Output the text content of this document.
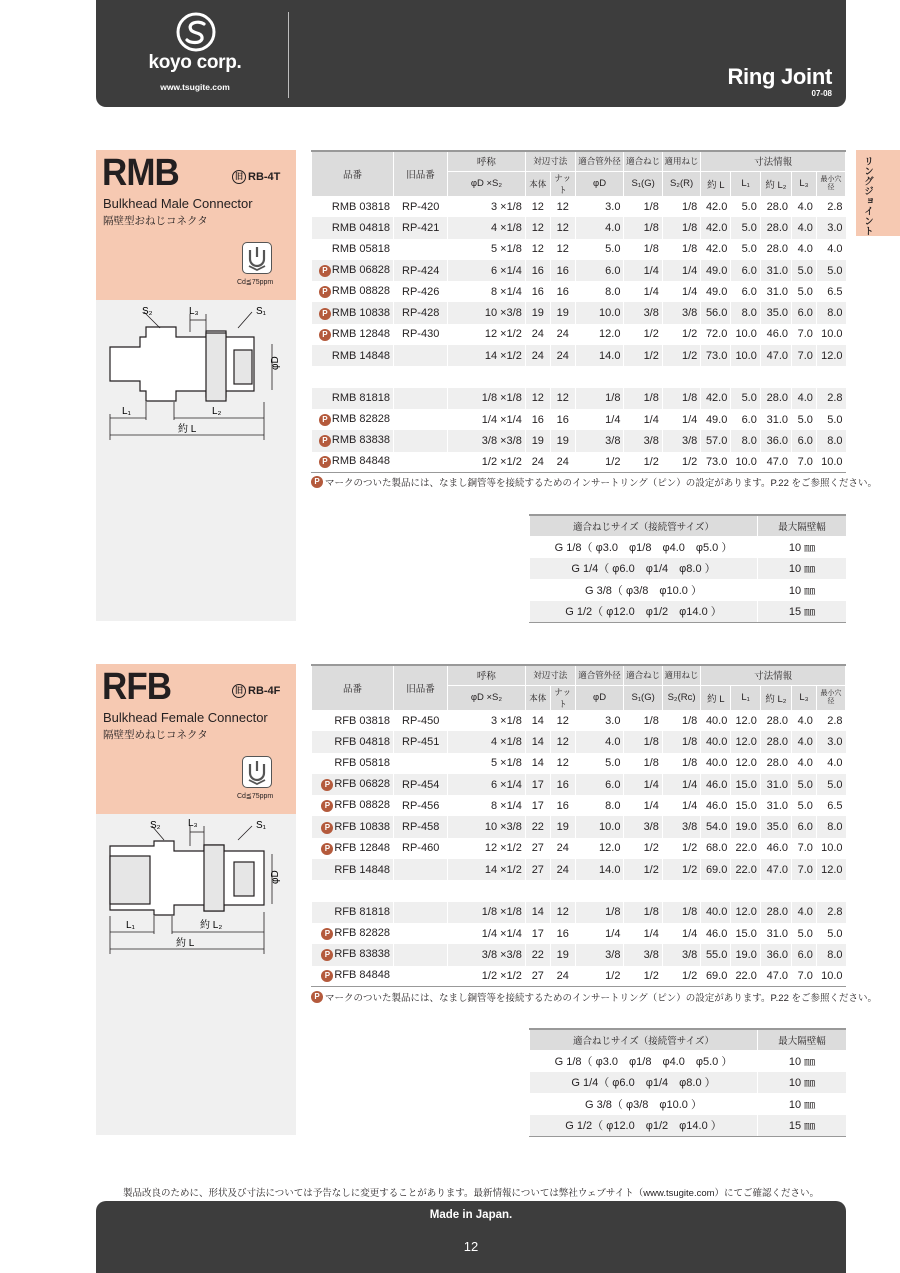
koyo corp.
www.tsugite.com	Ring Joint
07-08
リングジョイント
RMB	旧 RB-4T
Bulkhead Male Connector
隔壁型おねじコネクタ
Cd≦75ppm
S₂	L₃	S₁
φD
L₁	L₂
約 L
品番	旧品番	呼称	対辺寸法		適合管外径	適合ねじ	適用ねじ	寸法情報				
		φD ×S₂	本体	ナット	φD	S₁(G)	S₂(R)	約 L	L₁	約 L₂	L₃	最小穴径
RMB 03818	RP-420	3 ×1/8	12	12	3.0	1/8	1/8	42.0	5.0	28.0	4.0	2.8
RMB 04818	RP-421	4 ×1/8	12	12	4.0	1/8	1/8	42.0	5.0	28.0	4.0	3.0
RMB 05818		5 ×1/8	12	12	5.0	1/8	1/8	42.0	5.0	28.0	4.0	4.0
P RMB 06828	RP-424	6 ×1/4	16	16	6.0	1/4	1/4	49.0	6.0	31.0	5.0	5.0
P RMB 08828	RP-426	8 ×1/4	16	16	8.0	1/4	1/4	49.0	6.0	31.0	5.0	6.5
P RMB 10838	RP-428	10 ×3/8	19	19	10.0	3/8	3/8	56.0	8.0	35.0	6.0	8.0
P RMB 12848	RP-430	12 ×1/2	24	24	12.0	1/2	1/2	72.0	10.0	46.0	7.0	10.0
RMB 14848		14 ×1/2	24	24	14.0	1/2	1/2	73.0	10.0	47.0	7.0	12.0

RMB 81818		1/8 ×1/8	12	12	1/8	1/8	1/8	42.0	5.0	28.0	4.0	2.8
P RMB 82828		1/4 ×1/4	16	16	1/4	1/4	1/4	49.0	6.0	31.0	5.0	5.0
P RMB 83838		3/8 ×3/8	19	19	3/8	3/8	3/8	57.0	8.0	36.0	6.0	8.0
P RMB 84848		1/2 ×1/2	24	24	1/2	1/2	1/2	73.0	10.0	47.0	7.0	10.0
P マークのついた製品には、なまし銅管等を接続するためのインサートリング（ピン）の設定があります。P.22 をご参照ください。
適合ねじサイズ（接続管サイズ）	最大隔壁幅
G 1/8（ φ3.0　φ1/8　φ4.0　φ5.0 ）	10 ㎜
G 1/4（ φ6.0　φ1/4　φ8.0 ）	10 ㎜
G 3/8（ φ3/8　φ10.0 ）	10 ㎜
G 1/2（ φ12.0　φ1/2　φ14.0 ）	15 ㎜
RFB	旧 RB-4F
Bulkhead Female Connector
隔壁型めねじコネクタ
Cd≦75ppm
S₂	L₃	S₁
φD
L₁	約 L₂
約 L
品番	旧品番	呼称	対辺寸法		適合管外径	適合ねじ	適用ねじ	寸法情報				
		φD ×S₂	本体	ナット	φD	S₁(G)	S₂(Rc)	約 L	L₁	約 L₂	L₃	最小穴径
RFB 03818	RP-450	3 ×1/8	14	12	3.0	1/8	1/8	40.0	12.0	28.0	4.0	2.8
RFB 04818	RP-451	4 ×1/8	14	12	4.0	1/8	1/8	40.0	12.0	28.0	4.0	3.0
RFB 05818		5 ×1/8	14	12	5.0	1/8	1/8	40.0	12.0	28.0	4.0	4.0
P RFB 06828	RP-454	6 ×1/4	17	16	6.0	1/4	1/4	46.0	15.0	31.0	5.0	5.0
P RFB 08828	RP-456	8 ×1/4	17	16	8.0	1/4	1/4	46.0	15.0	31.0	5.0	6.5
P RFB 10838	RP-458	10 ×3/8	22	19	10.0	3/8	3/8	54.0	19.0	35.0	6.0	8.0
P RFB 12848	RP-460	12 ×1/2	27	24	12.0	1/2	1/2	68.0	22.0	46.0	7.0	10.0
RFB 14848		14 ×1/2	27	24	14.0	1/2	1/2	69.0	22.0	47.0	7.0	12.0

RFB 81818		1/8 ×1/8	14	12	1/8	1/8	1/8	40.0	12.0	28.0	4.0	2.8
P RFB 82828		1/4 ×1/4	17	16	1/4	1/4	1/4	46.0	15.0	31.0	5.0	5.0
P RFB 83838		3/8 ×3/8	22	19	3/8	3/8	3/8	55.0	19.0	36.0	6.0	8.0
P RFB 84848		1/2 ×1/2	27	24	1/2	1/2	1/2	69.0	22.0	47.0	7.0	10.0
P マークのついた製品には、なまし銅管等を接続するためのインサートリング（ピン）の設定があります。P.22 をご参照ください。
適合ねじサイズ（接続管サイズ）	最大隔壁幅
G 1/8（ φ3.0　φ1/8　φ4.0　φ5.0 ）	10 ㎜
G 1/4（ φ6.0　φ1/4　φ8.0 ）	10 ㎜
G 3/8（ φ3/8　φ10.0 ）	10 ㎜
G 1/2（ φ12.0　φ1/2　φ14.0 ）	15 ㎜
製品改良のために、形状及び寸法については予告なしに変更することがあります。最新情報については弊社ウェブサイト（www.tsugite.com）にてご確認ください。
Made in Japan.
12
